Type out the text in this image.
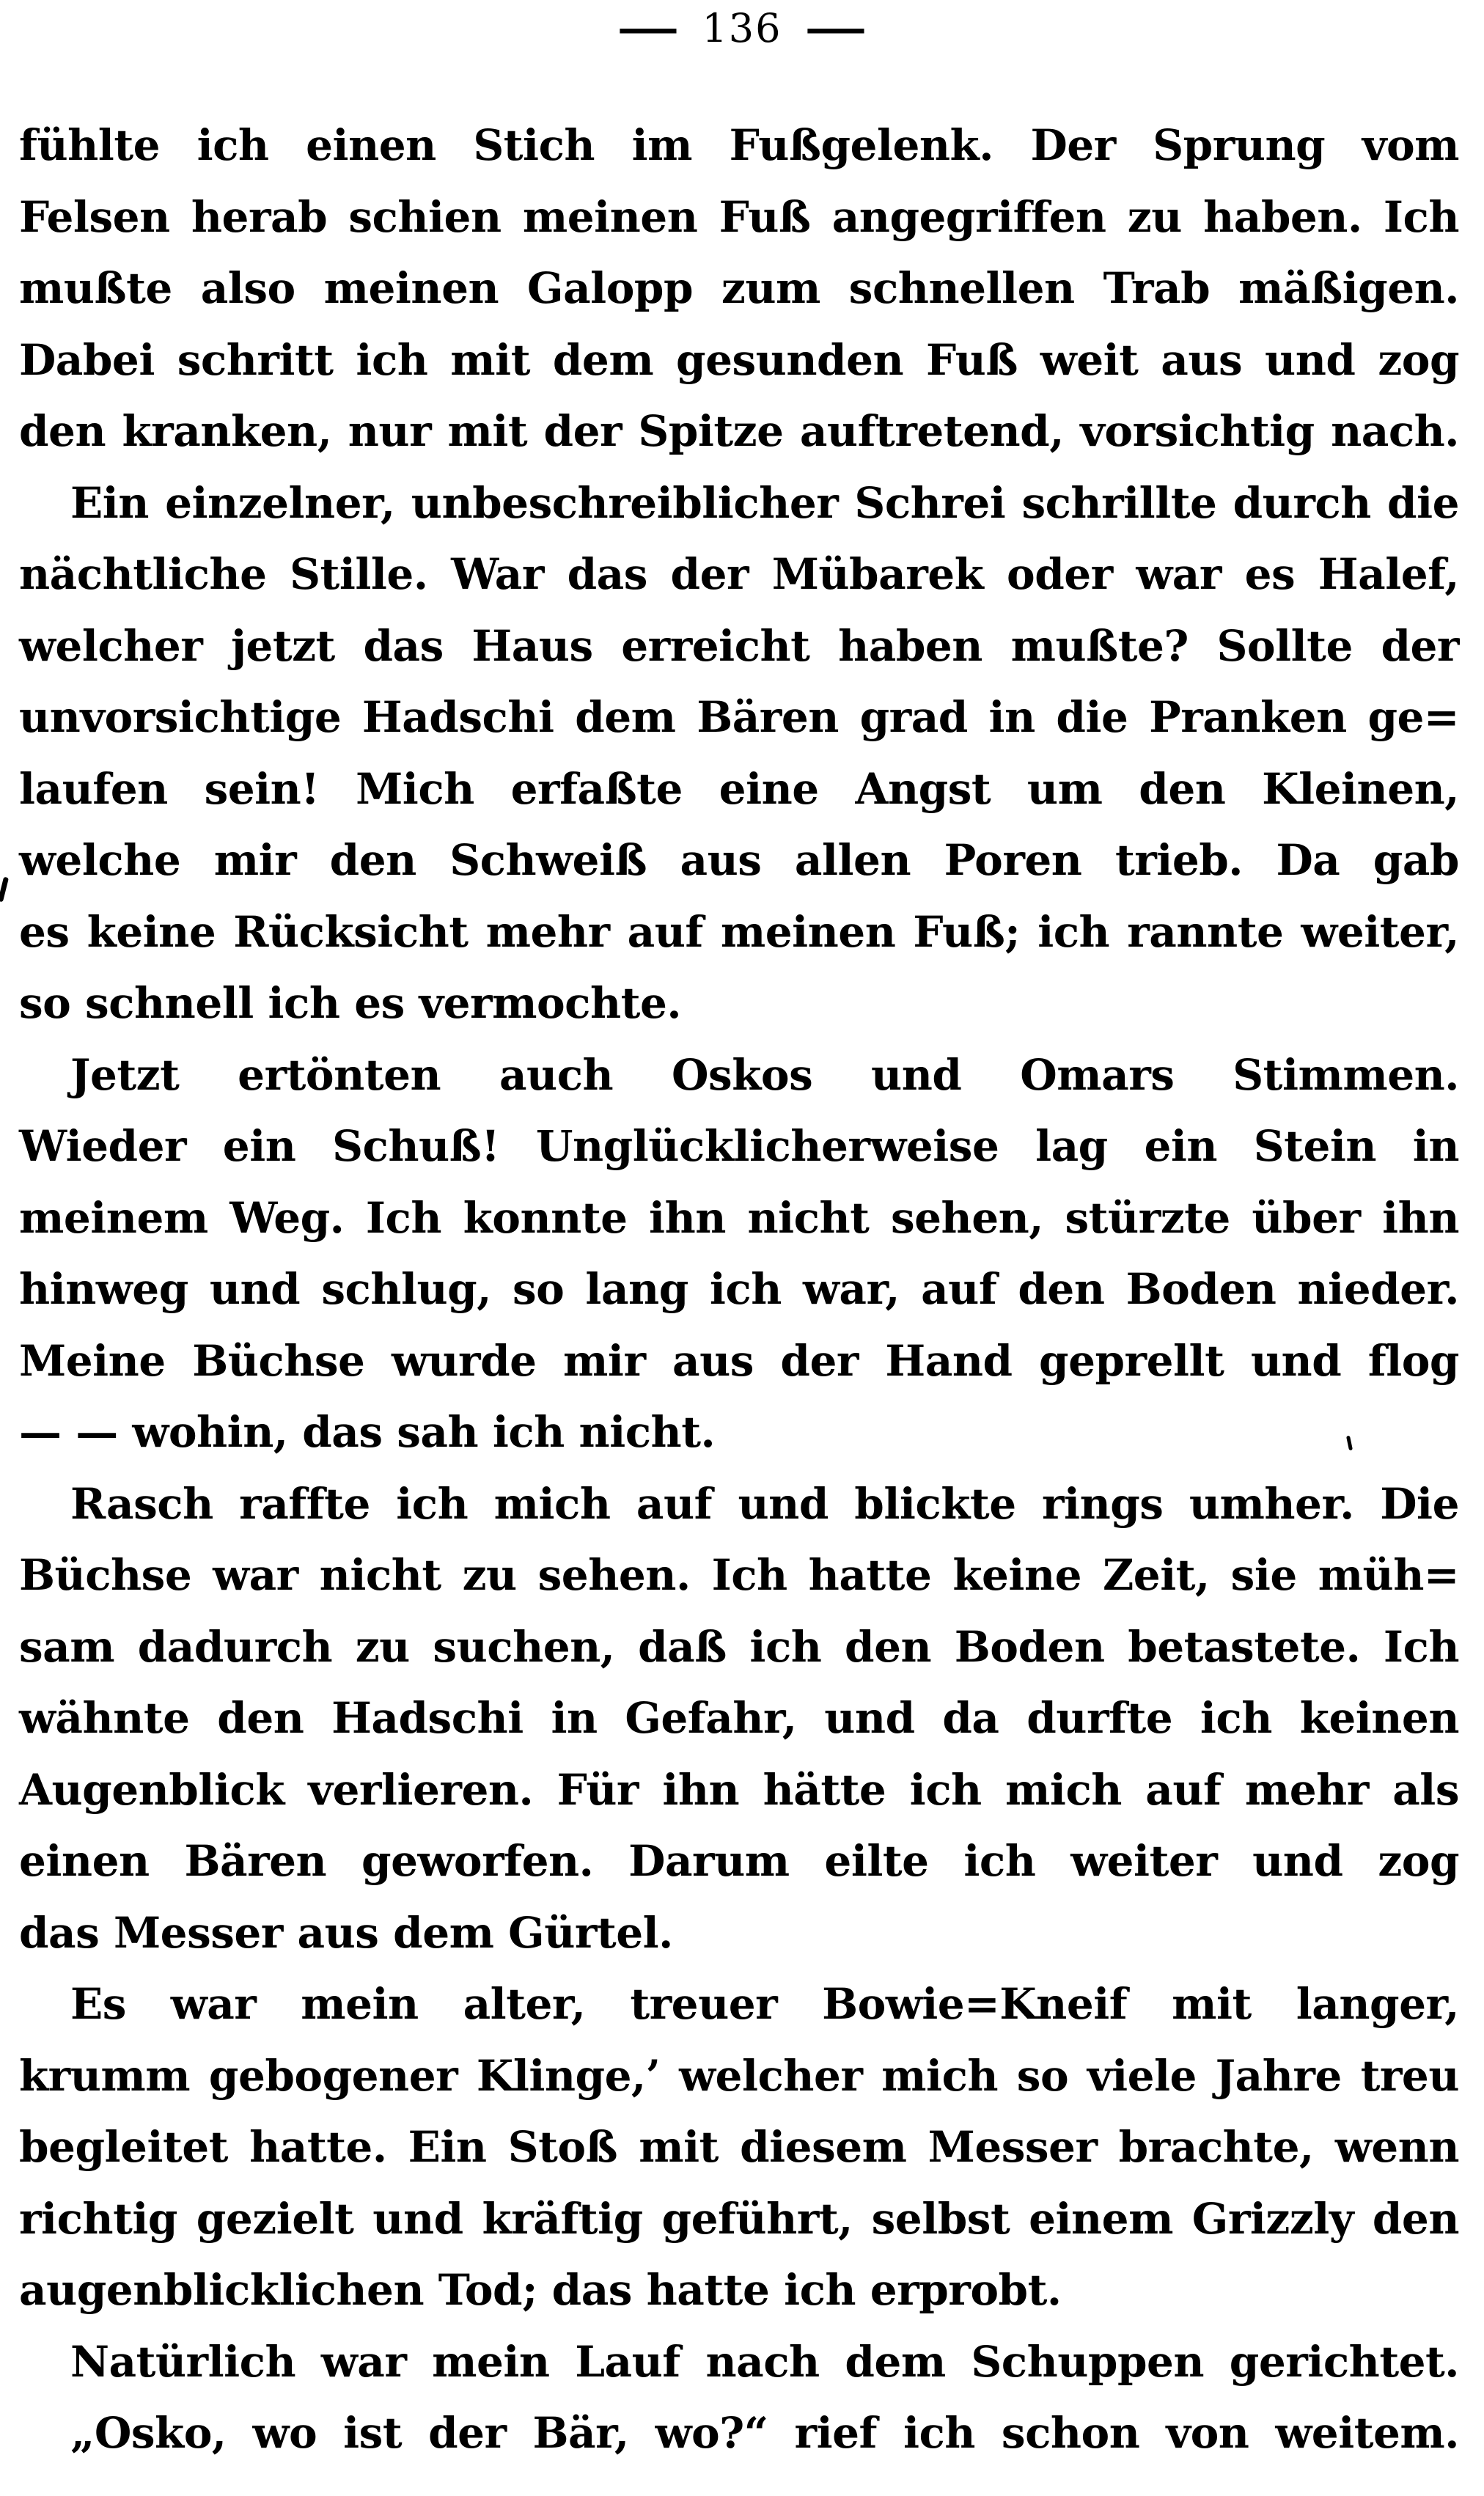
— 136 —
fühlte ich einen Stich im Fußgelenk. Der Sprung vom
Felsen herab schien meinen Fuß angegriffen zu haben. Ich
mußte also meinen Galopp zum schnellen Trab mäßigen.
Dabei schritt ich mit dem gesunden Fuß weit aus und zog
den kranken, nur mit der Spitze auftretend, vorsichtig nach.
Ein einzelner, unbeschreiblicher Schrei schrillte durch die
nächtliche Stille. War das der Mübarek oder war es Halef,
welcher jetzt das Haus erreicht haben mußte? Sollte der
unvorsichtige Hadschi dem Bären grad in die Pranken ge=
laufen sein! Mich erfaßte eine Angst um den Kleinen,
welche mir den Schweiß aus allen Poren trieb. Da gab
es keine Rücksicht mehr auf meinen Fuß; ich rannte weiter,
so schnell ich es vermochte.
Jetzt ertönten auch Oskos und Omars Stimmen.
Wieder ein Schuß! Unglücklicherweise lag ein Stein in
meinem Weg. Ich konnte ihn nicht sehen, stürzte über ihn
hinweg und schlug, so lang ich war, auf den Boden nieder.
Meine Büchse wurde mir aus der Hand geprellt und flog
— — wohin, das sah ich nicht.
Rasch raffte ich mich auf und blickte rings umher. Die
Büchse war nicht zu sehen. Ich hatte keine Zeit, sie müh=
sam dadurch zu suchen, daß ich den Boden betastete. Ich
wähnte den Hadschi in Gefahr, und da durfte ich keinen
Augenblick verlieren. Für ihn hätte ich mich auf mehr als
einen Bären geworfen. Darum eilte ich weiter und zog
das Messer aus dem Gürtel.
Es war mein alter, treuer Bowie=Kneif mit langer,
krumm gebogener Klinge,’ welcher mich so viele Jahre treu
begleitet hatte. Ein Stoß mit diesem Messer brachte, wenn
richtig gezielt und kräftig geführt, selbst einem Grizzly den
augenblicklichen Tod; das hatte ich erprobt.
Natürlich war mein Lauf nach dem Schuppen gerichtet.
„Osko, wo ist der Bär, wo?“ rief ich schon von weitem.
